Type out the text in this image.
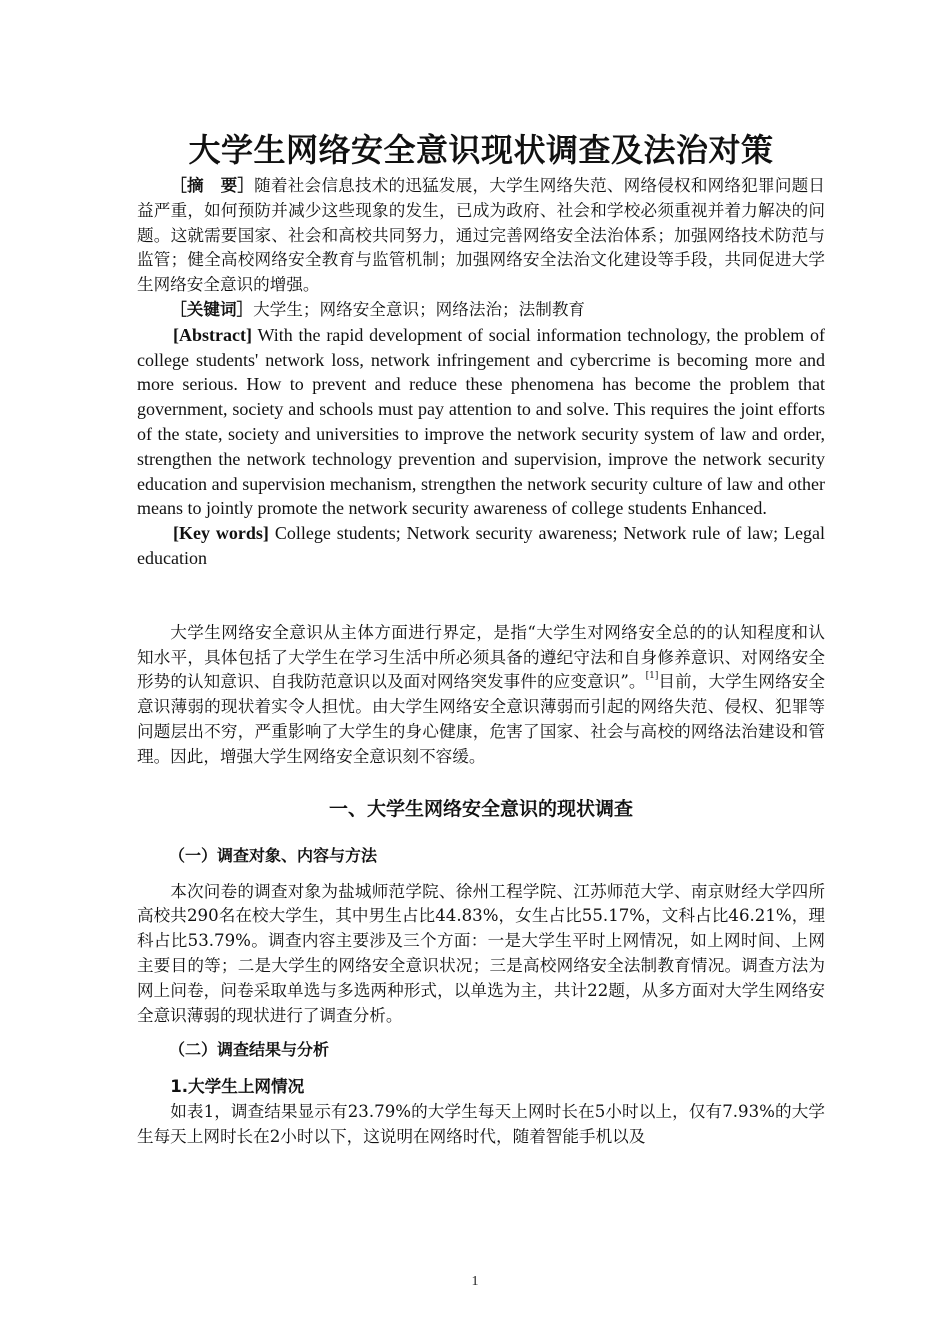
大学生网络安全意识现状调查及法治对策

［摘　要］随着社会信息技术的迅猛发展，大学生网络失范、网络侵权和网络犯罪问题日益严重，如何预防并减少这些现象的发生，已成为政府、社会和学校必须重视并着力解决的问题。这就需要国家、社会和高校共同努力，通过完善网络安全法治体系；加强网络技术防范与监管；健全高校网络安全教育与监管机制；加强网络安全法治文化建设等手段，共同促进大学生网络安全意识的增强。

［关键词］大学生；网络安全意识；网络法治；法制教育

[Abstract] With the rapid development of social information technology, the problem of college students' network loss, network infringement and cybercrime is becoming more and more serious. How to prevent and reduce these phenomena has become the problem that government, society and schools must pay attention to and solve. This requires the joint efforts of the state, society and universities to improve the network security system of law and order, strengthen the network technology prevention and supervision, improve the network security education and supervision mechanism, strengthen the network security culture of law and other means to jointly promote the network security awareness of college students Enhanced.

[Key words] College students; Network security awareness; Network rule of law; Legal education

大学生网络安全意识从主体方面进行界定，是指“大学生对网络安全总的的认知程度和认知水平，具体包括了大学生在学习生活中所必须具备的遵纪守法和自身修养意识、对网络安全形势的认知意识、自我防范意识以及面对网络突发事件的应变意识”。[1]目前，大学生网络安全意识薄弱的现状着实令人担忧。由大学生网络安全意识薄弱而引起的网络失范、侵权、犯罪等问题层出不穷，严重影响了大学生的身心健康，危害了国家、社会与高校的网络法治建设和管理。因此，增强大学生网络安全意识刻不容缓。

一、大学生网络安全意识的现状调查
（一）调查对象、内容与方法

本次问卷的调查对象为盐城师范学院、徐州工程学院、江苏师范大学、南京财经大学四所高校共290名在校大学生，其中男生占比44.83%，女生占比55.17%，文科占比46.21%，理科占比53.79%。调查内容主要涉及三个方面：一是大学生平时上网情况，如上网时间、上网主要目的等；二是大学生的网络安全意识状况；三是高校网络安全法制教育情况。调查方法为网上问卷，问卷采取单选与多选两种形式，以单选为主，共计22题，从多方面对大学生网络安全意识薄弱的现状进行了调查分析。

（二）调查结果与分析
1.大学生上网情况

如表1，调查结果显示有23.79%的大学生每天上网时长在5小时以上，仅有7.93%的大学生每天上网时长在2小时以下，这说明在网络时代，随着智能手机以及

1
